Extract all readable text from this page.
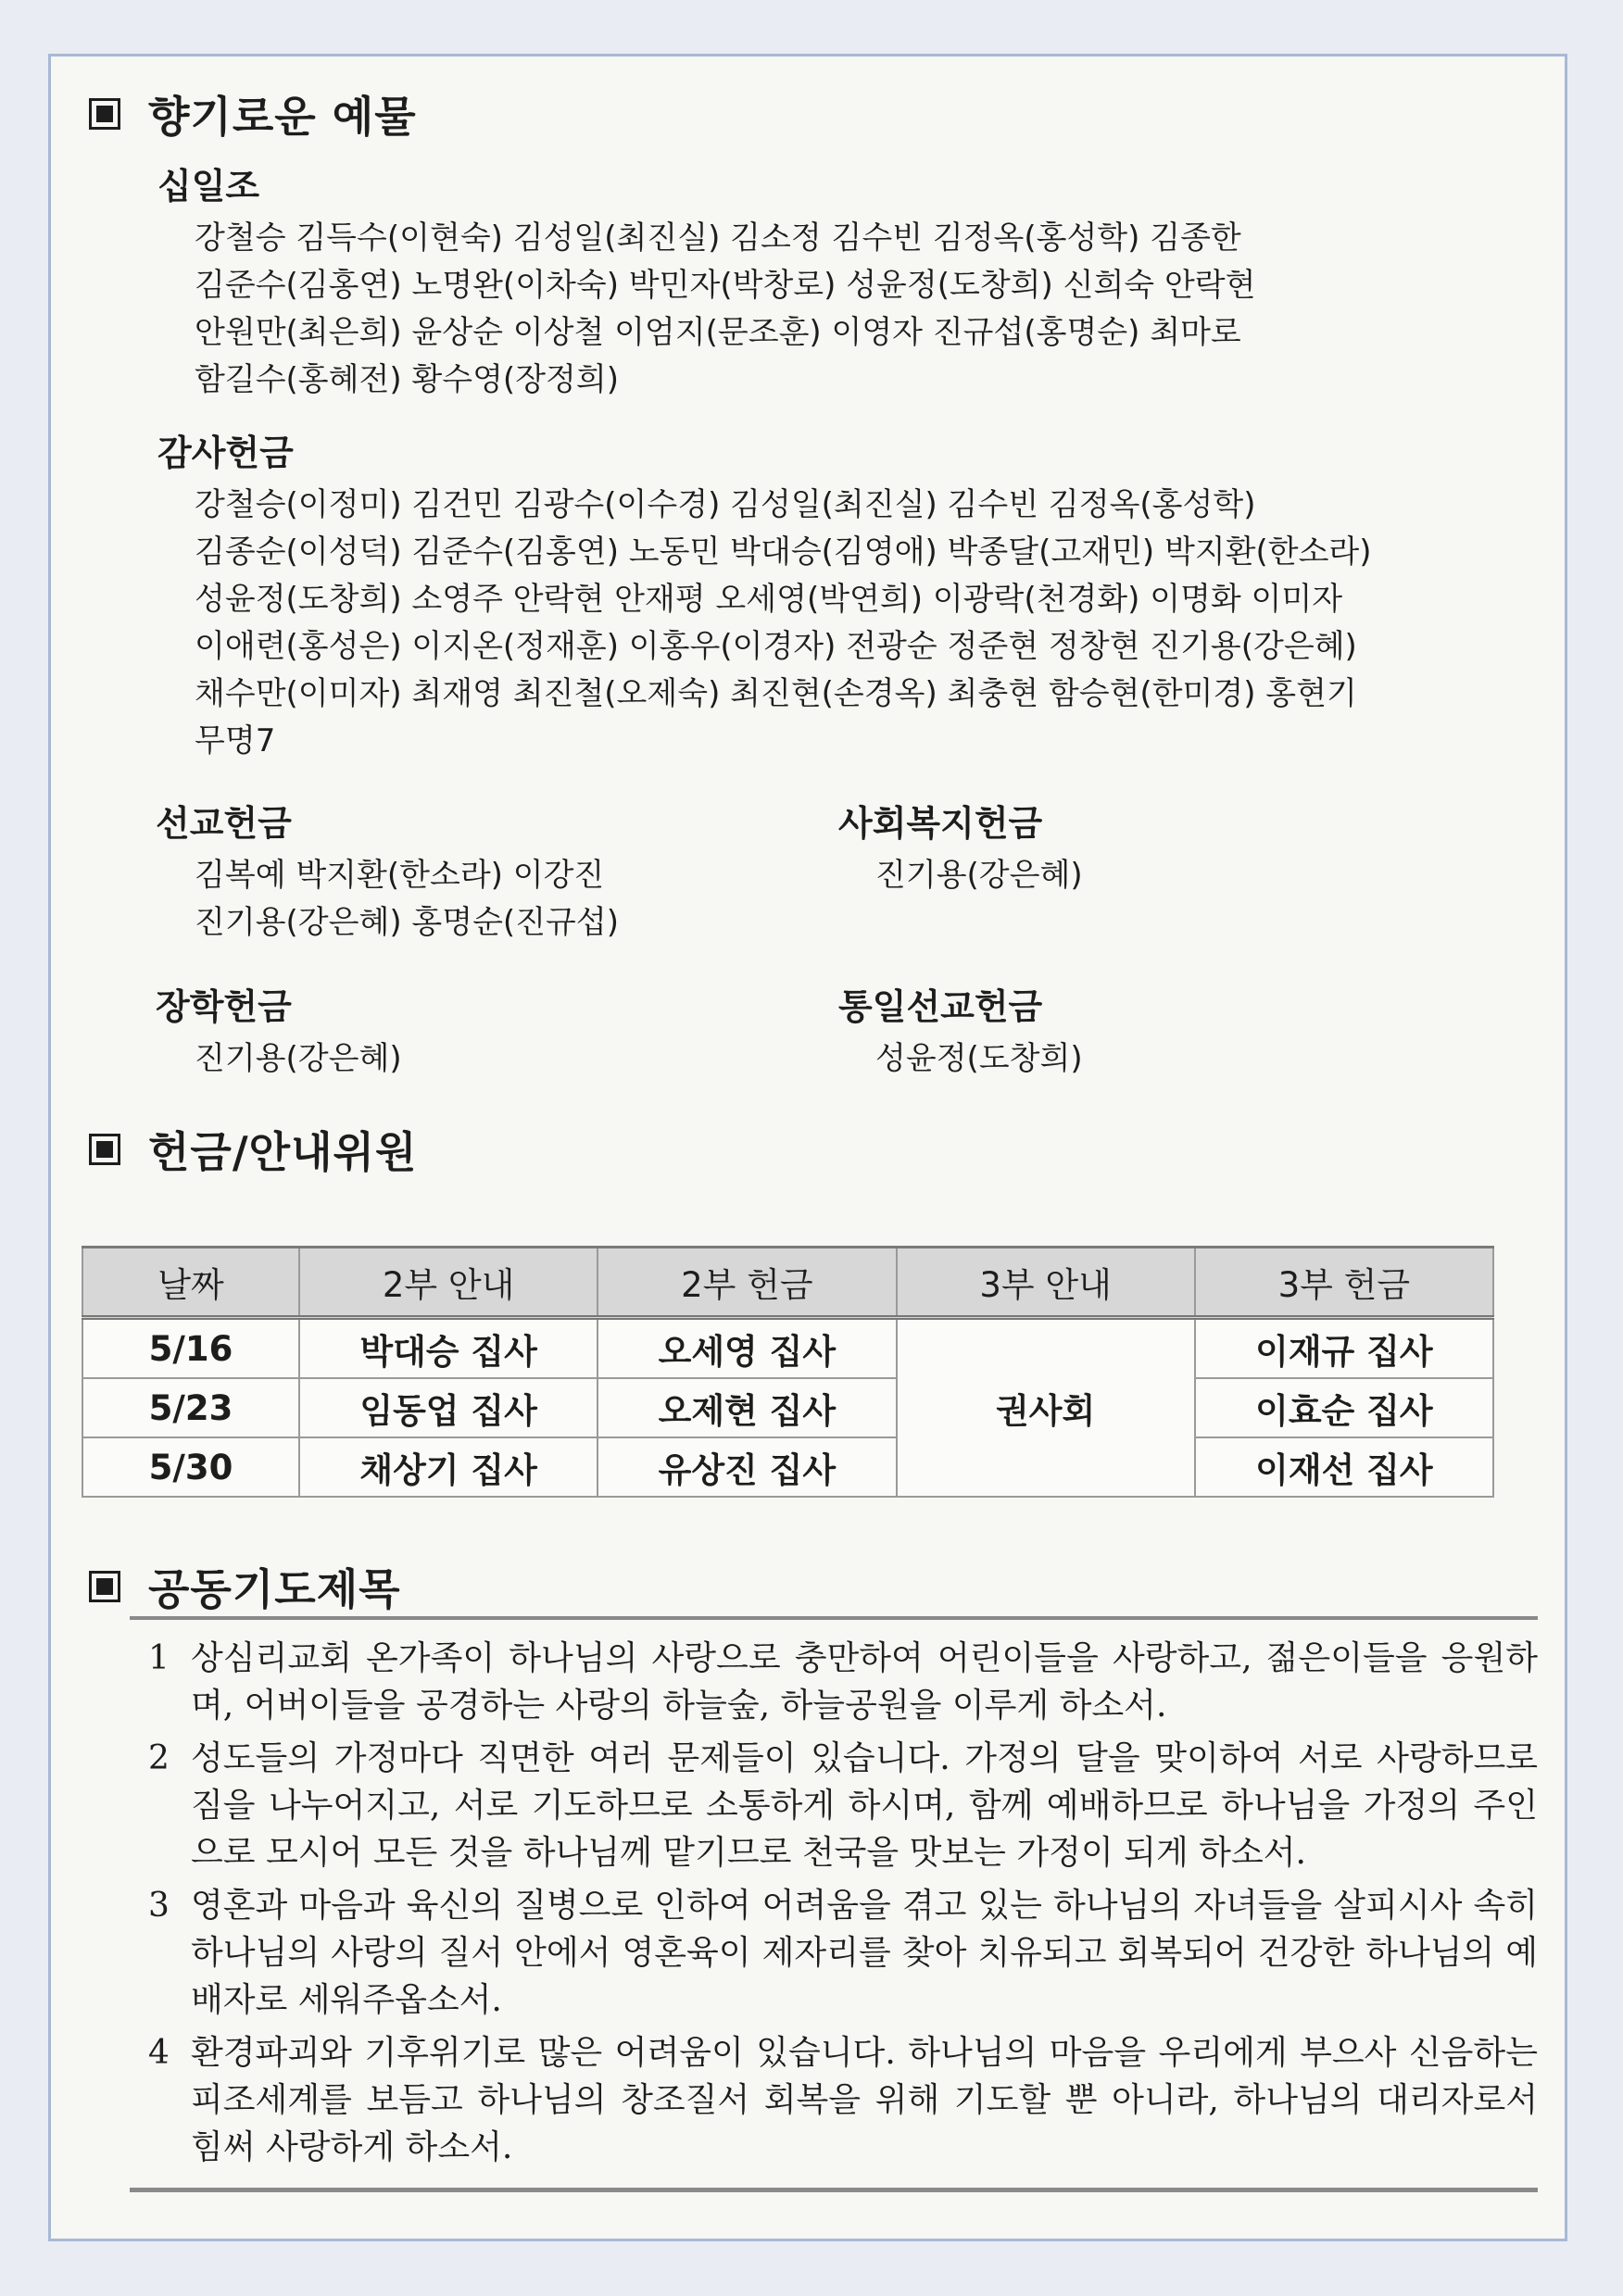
향기로운 예물
십일조

강철승 김득수(이현숙) 김성일(최진실) 김소정 김수빈 김정옥(홍성학) 김종한
김준수(김홍연) 노명완(이차숙) 박민자(박창로) 성윤정(도창희) 신희숙 안락현
안원만(최은희) 윤상순 이상철 이엄지(문조훈) 이영자 진규섭(홍명순) 최마로
함길수(홍혜전) 황수영(장정희)

감사헌금

강철승(이정미) 김건민 김광수(이수경) 김성일(최진실) 김수빈 김정옥(홍성학)
김종순(이성덕) 김준수(김홍연) 노동민 박대승(김영애) 박종달(고재민) 박지환(한소라)
성윤정(도창희) 소영주 안락현 안재평 오세영(박연희) 이광락(천경화) 이명화 이미자
이애련(홍성은) 이지온(정재훈) 이홍우(이경자) 전광순 정준현 정창현 진기용(강은혜)
채수만(이미자) 최재영 최진철(오제숙) 최진현(손경옥) 최충현 함승현(한미경) 홍현기
무명7

선교헌금

김복예 박지환(한소라) 이강진
진기용(강은혜) 홍명순(진규섭)

사회복지헌금

진기용(강은혜)

장학헌금

진기용(강은혜)

통일선교헌금

성윤정(도창희)

헌금/안내위원
날짜	2부 안내	2부 헌금	3부 안내	3부 헌금
5/16	박대승 집사	오세영 집사	권사회	이재규 집사
5/23	임동업 집사	오제현 집사		이효순 집사
5/30	채상기 집사	유상진 집사		이재선 집사
공동기도제목
1 상심리교회 온가족이 하나님의 사랑으로 충만하여 어린이들을 사랑하고, 젊은이들을 응원하며, 어버이들을 공경하는 사랑의 하늘숲, 하늘공원을 이루게 하소서.
2 성도들의 가정마다 직면한 여러 문제들이 있습니다. 가정의 달을 맞이하여 서로 사랑하므로 짐을 나누어지고, 서로 기도하므로 소통하게 하시며, 함께 예배하므로 하나님을 가정의 주인으로 모시어 모든 것을 하나님께 맡기므로 천국을 맛보는 가정이 되게 하소서.
3 영혼과 마음과 육신의 질병으로 인하여 어려움을 겪고 있는 하나님의 자녀들을 살피시사 속히 하나님의 사랑의 질서 안에서 영혼육이 제자리를 찾아 치유되고 회복되어 건강한 하나님의 예배자로 세워주옵소서.
4 환경파괴와 기후위기로 많은 어려움이 있습니다. 하나님의 마음을 우리에게 부으사 신음하는 피조세계를 보듬고 하나님의 창조질서 회복을 위해 기도할 뿐 아니라, 하나님의 대리자로서 힘써 사랑하게 하소서.
